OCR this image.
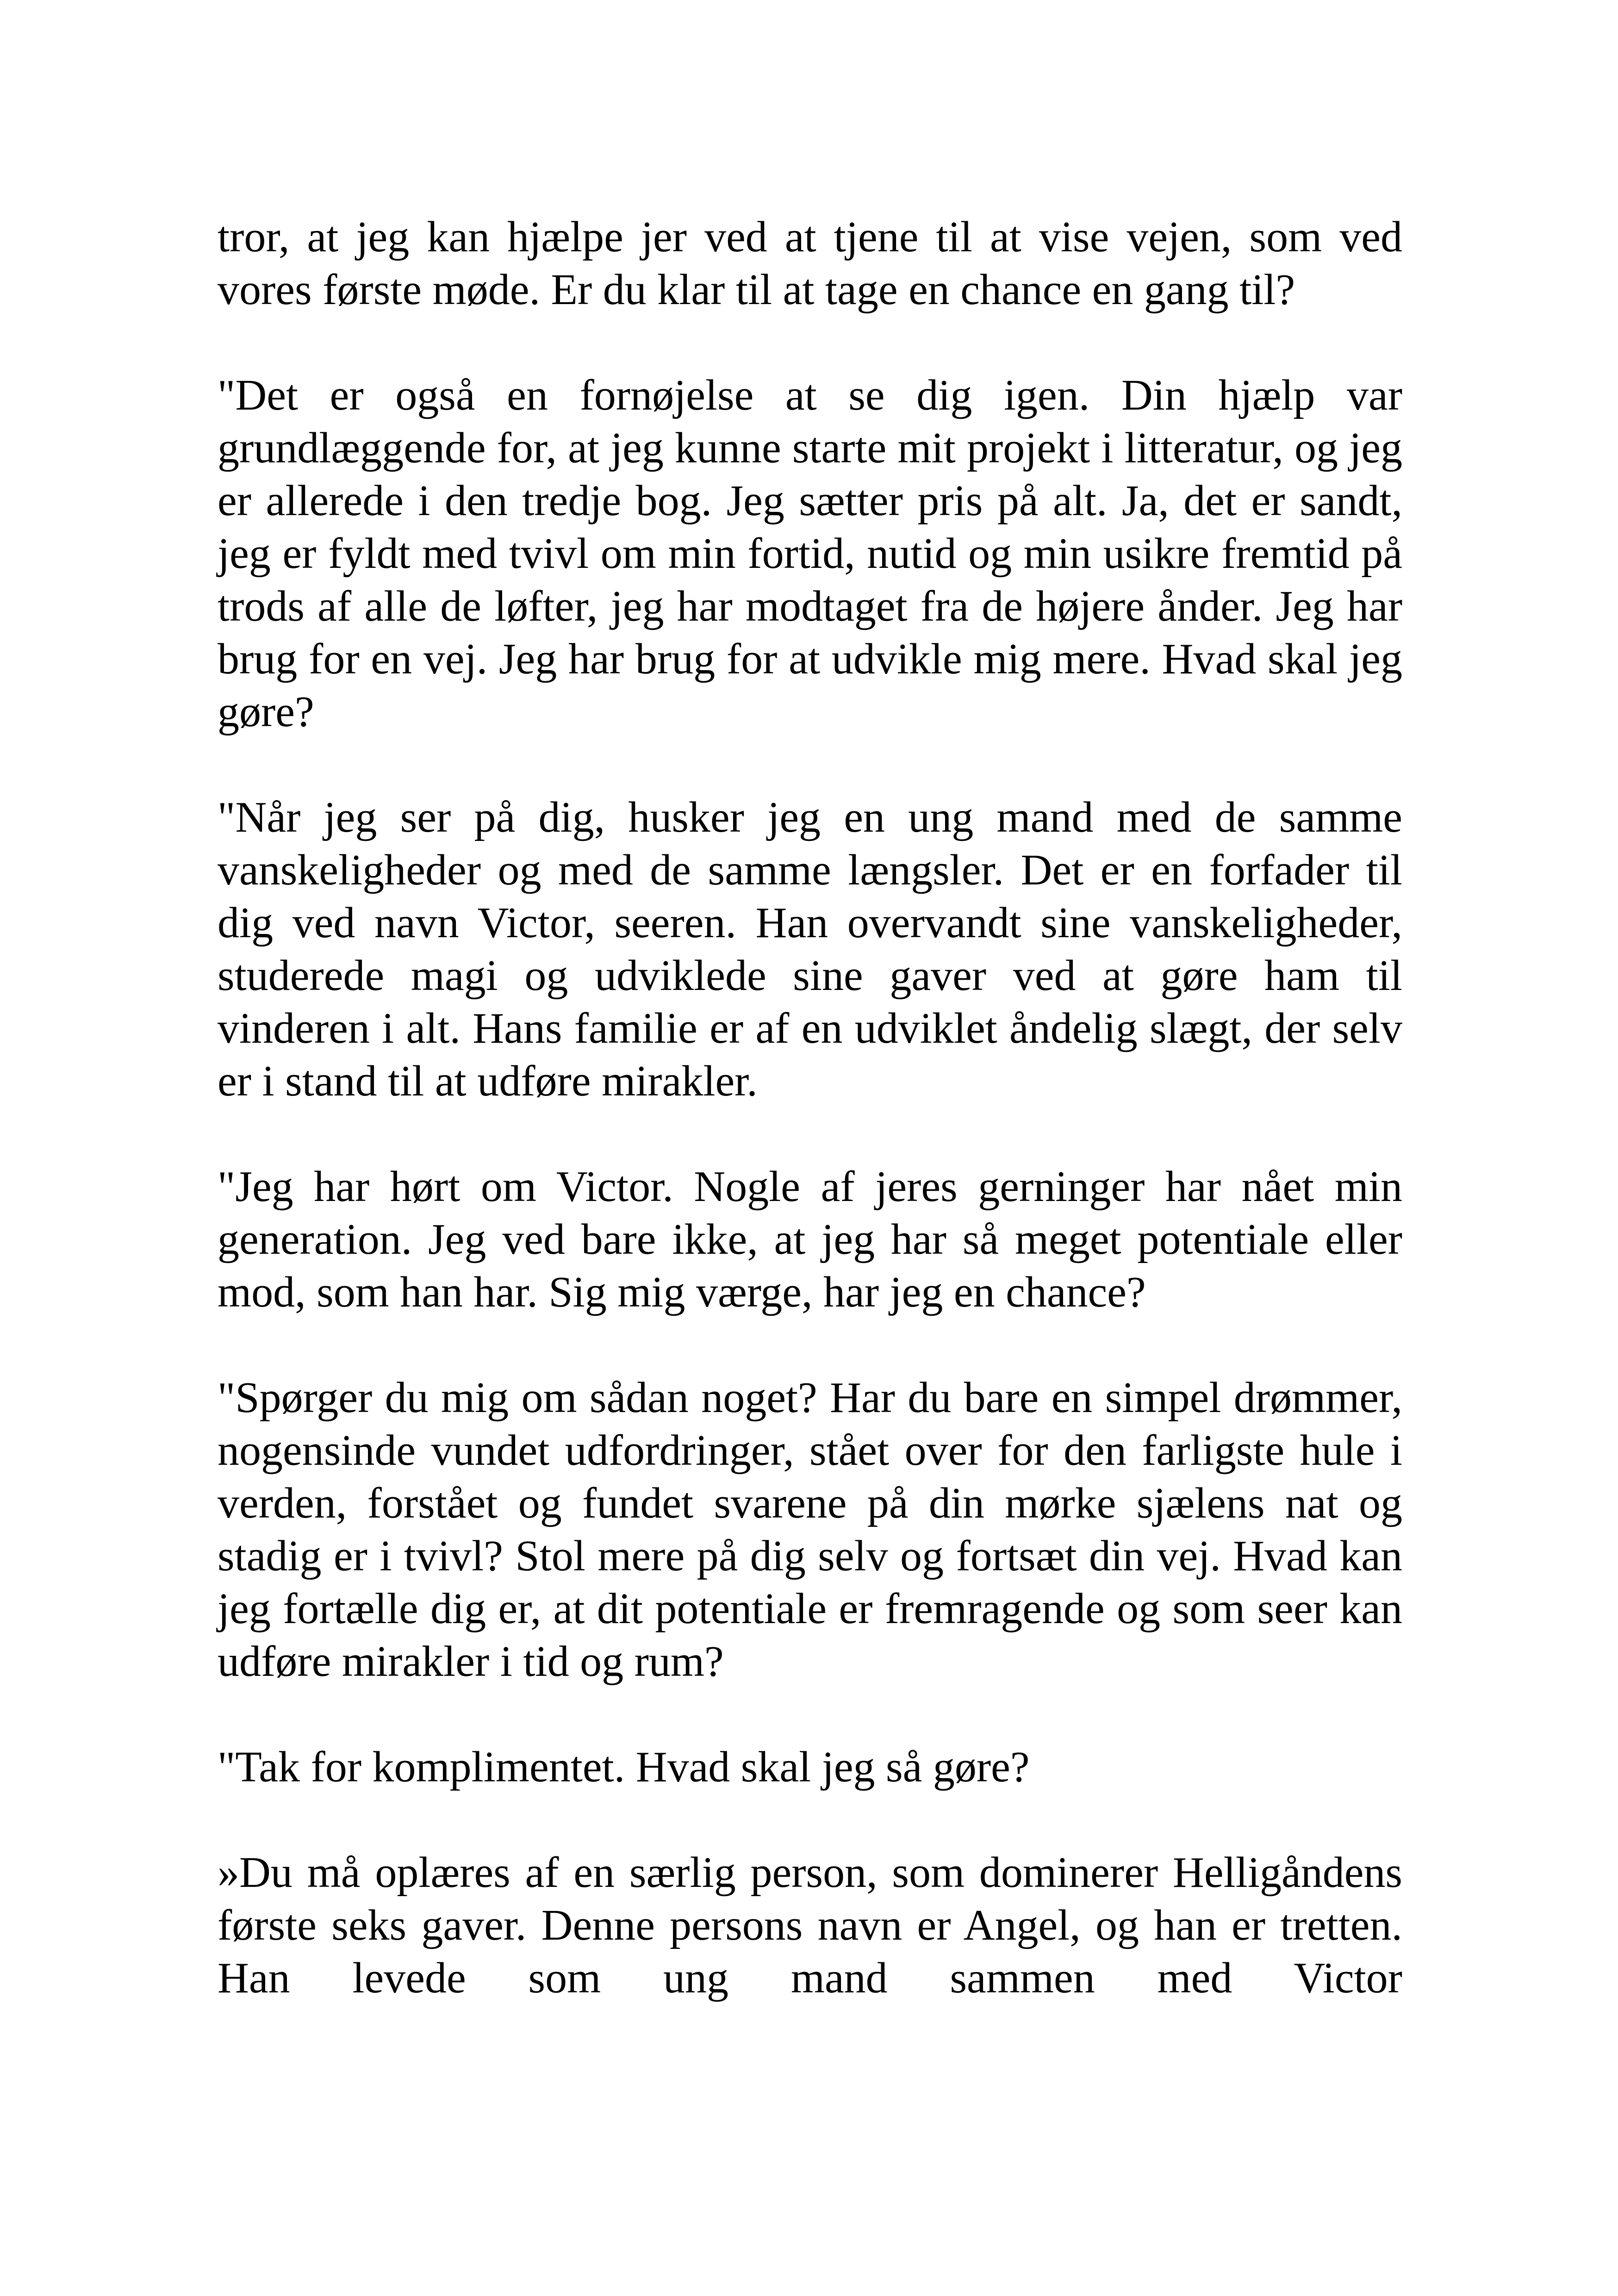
tror, at jeg kan hjælpe jer ved at tjene til at vise vejen, som ved vores første møde. Er du klar til at tage en chance en gang til?

"Det er også en fornøjelse at se dig igen. Din hjælp var grundlæggende for, at jeg kunne starte mit projekt i litteratur, og jeg er allerede i den tredje bog. Jeg sætter pris på alt. Ja, det er sandt, jeg er fyldt med tvivl om min fortid, nutid og min usikre fremtid på trods af alle de løfter, jeg har modtaget fra de højere ånder. Jeg har brug for en vej. Jeg har brug for at udvikle mig mere. Hvad skal jeg gøre?

"Når jeg ser på dig, husker jeg en ung mand med de samme vanskeligheder og med de samme længsler. Det er en forfader til dig ved navn Victor, seeren. Han overvandt sine vanskeligheder, studerede magi og udviklede sine gaver ved at gøre ham til vinderen i alt. Hans familie er af en udviklet åndelig slægt, der selv er i stand til at udføre mirakler.

"Jeg har hørt om Victor. Nogle af jeres gerninger har nået min generation. Jeg ved bare ikke, at jeg har så meget potentiale eller mod, som han har. Sig mig værge, har jeg en chance?

"Spørger du mig om sådan noget? Har du bare en simpel drømmer, nogensinde vundet udfordringer, stået over for den farligste hule i verden, forstået og fundet svarene på din mørke sjælens nat og stadig er i tvivl? Stol mere på dig selv og fortsæt din vej. Hvad kan jeg fortælle dig er, at dit potentiale er fremragende og som seer kan udføre mirakler i tid og rum?

"Tak for komplimentet. Hvad skal jeg så gøre?

»Du må oplæres af en særlig person, som dominerer Helligåndens første seks gaver. Denne persons navn er Angel, og han er tretten. Han levede som ung mand sammen med Victor
